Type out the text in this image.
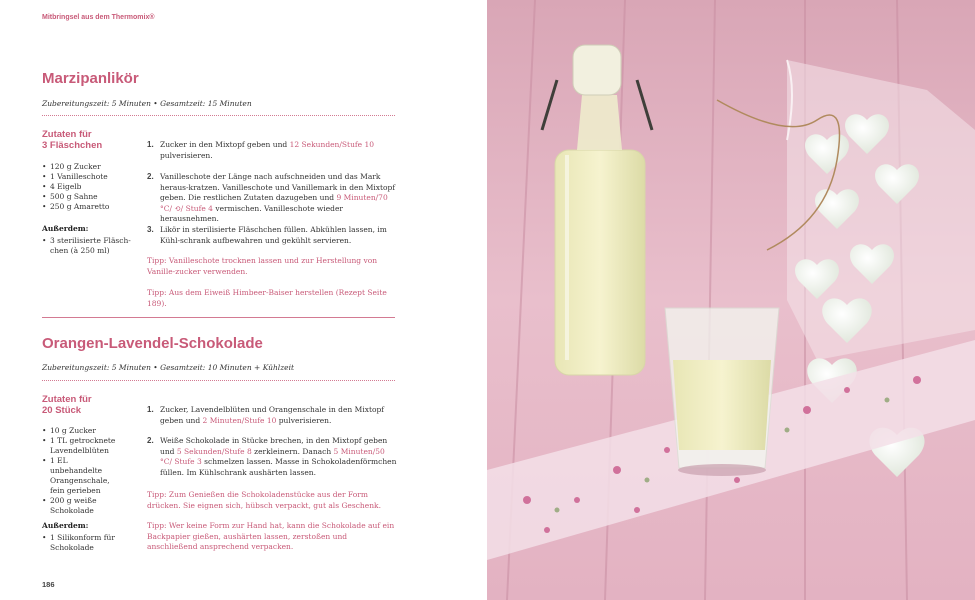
Mitbringsel aus dem Thermomix®
Marzipanlikör
Zubereitungszeit: 5 Minuten • Gesamtzeit: 15 Minuten
Zutaten für
3 Fläschchen
• 120 g Zucker
• 1 Vanilleschote
• 4 Eigelb
• 500 g Sahne
• 250 g Amaretto
Außerdem:
• 3 sterilisierte Fläsch-chen (à 250 ml)
1. Zucker in den Mixtopf geben und 12 Sekunden/Stufe 10 pulverisieren.
2. Vanilleschote der Länge nach aufschneiden und das Mark heraus-kratzen. Vanilleschote und Vanillemark in den Mixtopf geben. Die restlichen Zutaten dazugeben und 9 Minuten/70 °C/ ⟲/ Stufe 4 vermischen. Vanilleschote wieder herausnehmen.
3. Likör in sterilisierte Fläschchen füllen. Abkühlen lassen, im Kühl-schrank aufbewahren und gekühlt servieren.
Tipp: Vanilleschote trocknen lassen und zur Herstellung von Vanille-zucker verwenden.
Tipp: Aus dem Eiweiß Himbeer-Baiser herstellen (Rezept Seite 189).
Orangen-Lavendel-Schokolade
Zubereitungszeit: 5 Minuten • Gesamtzeit: 10 Minuten + Kühlzeit
Zutaten für
20 Stück
• 10 g Zucker
• 1 TL getrocknete Lavendelblüten
• 1 EL unbehandelte Orangenschale, fein gerieben
• 200 g weiße Schokolade
Außerdem:
• 1 Silikonform für Schokolade
1. Zucker, Lavendelblüten und Orangenschale in den Mixtopf geben und 2 Minuten/Stufe 10 pulverisieren.
2. Weiße Schokolade in Stücke brechen, in den Mixtopf geben und 5 Sekunden/Stufe 8 zerkleinern. Danach 5 Minuten/50 °C/ Stufe 3 schmelzen lassen. Masse in Schokoladenförmchen füllen. Im Kühlschrank aushärten lassen.
Tipp: Zum Genießen die Schokoladenstücke aus der Form drücken. Sie eignen sich, hübsch verpackt, gut als Geschenk.
Tipp: Wer keine Form zur Hand hat, kann die Schokolade auf ein Backpapier gießen, aushärten lassen, zerstoßen und anschließend ansprechend verpacken.
186
